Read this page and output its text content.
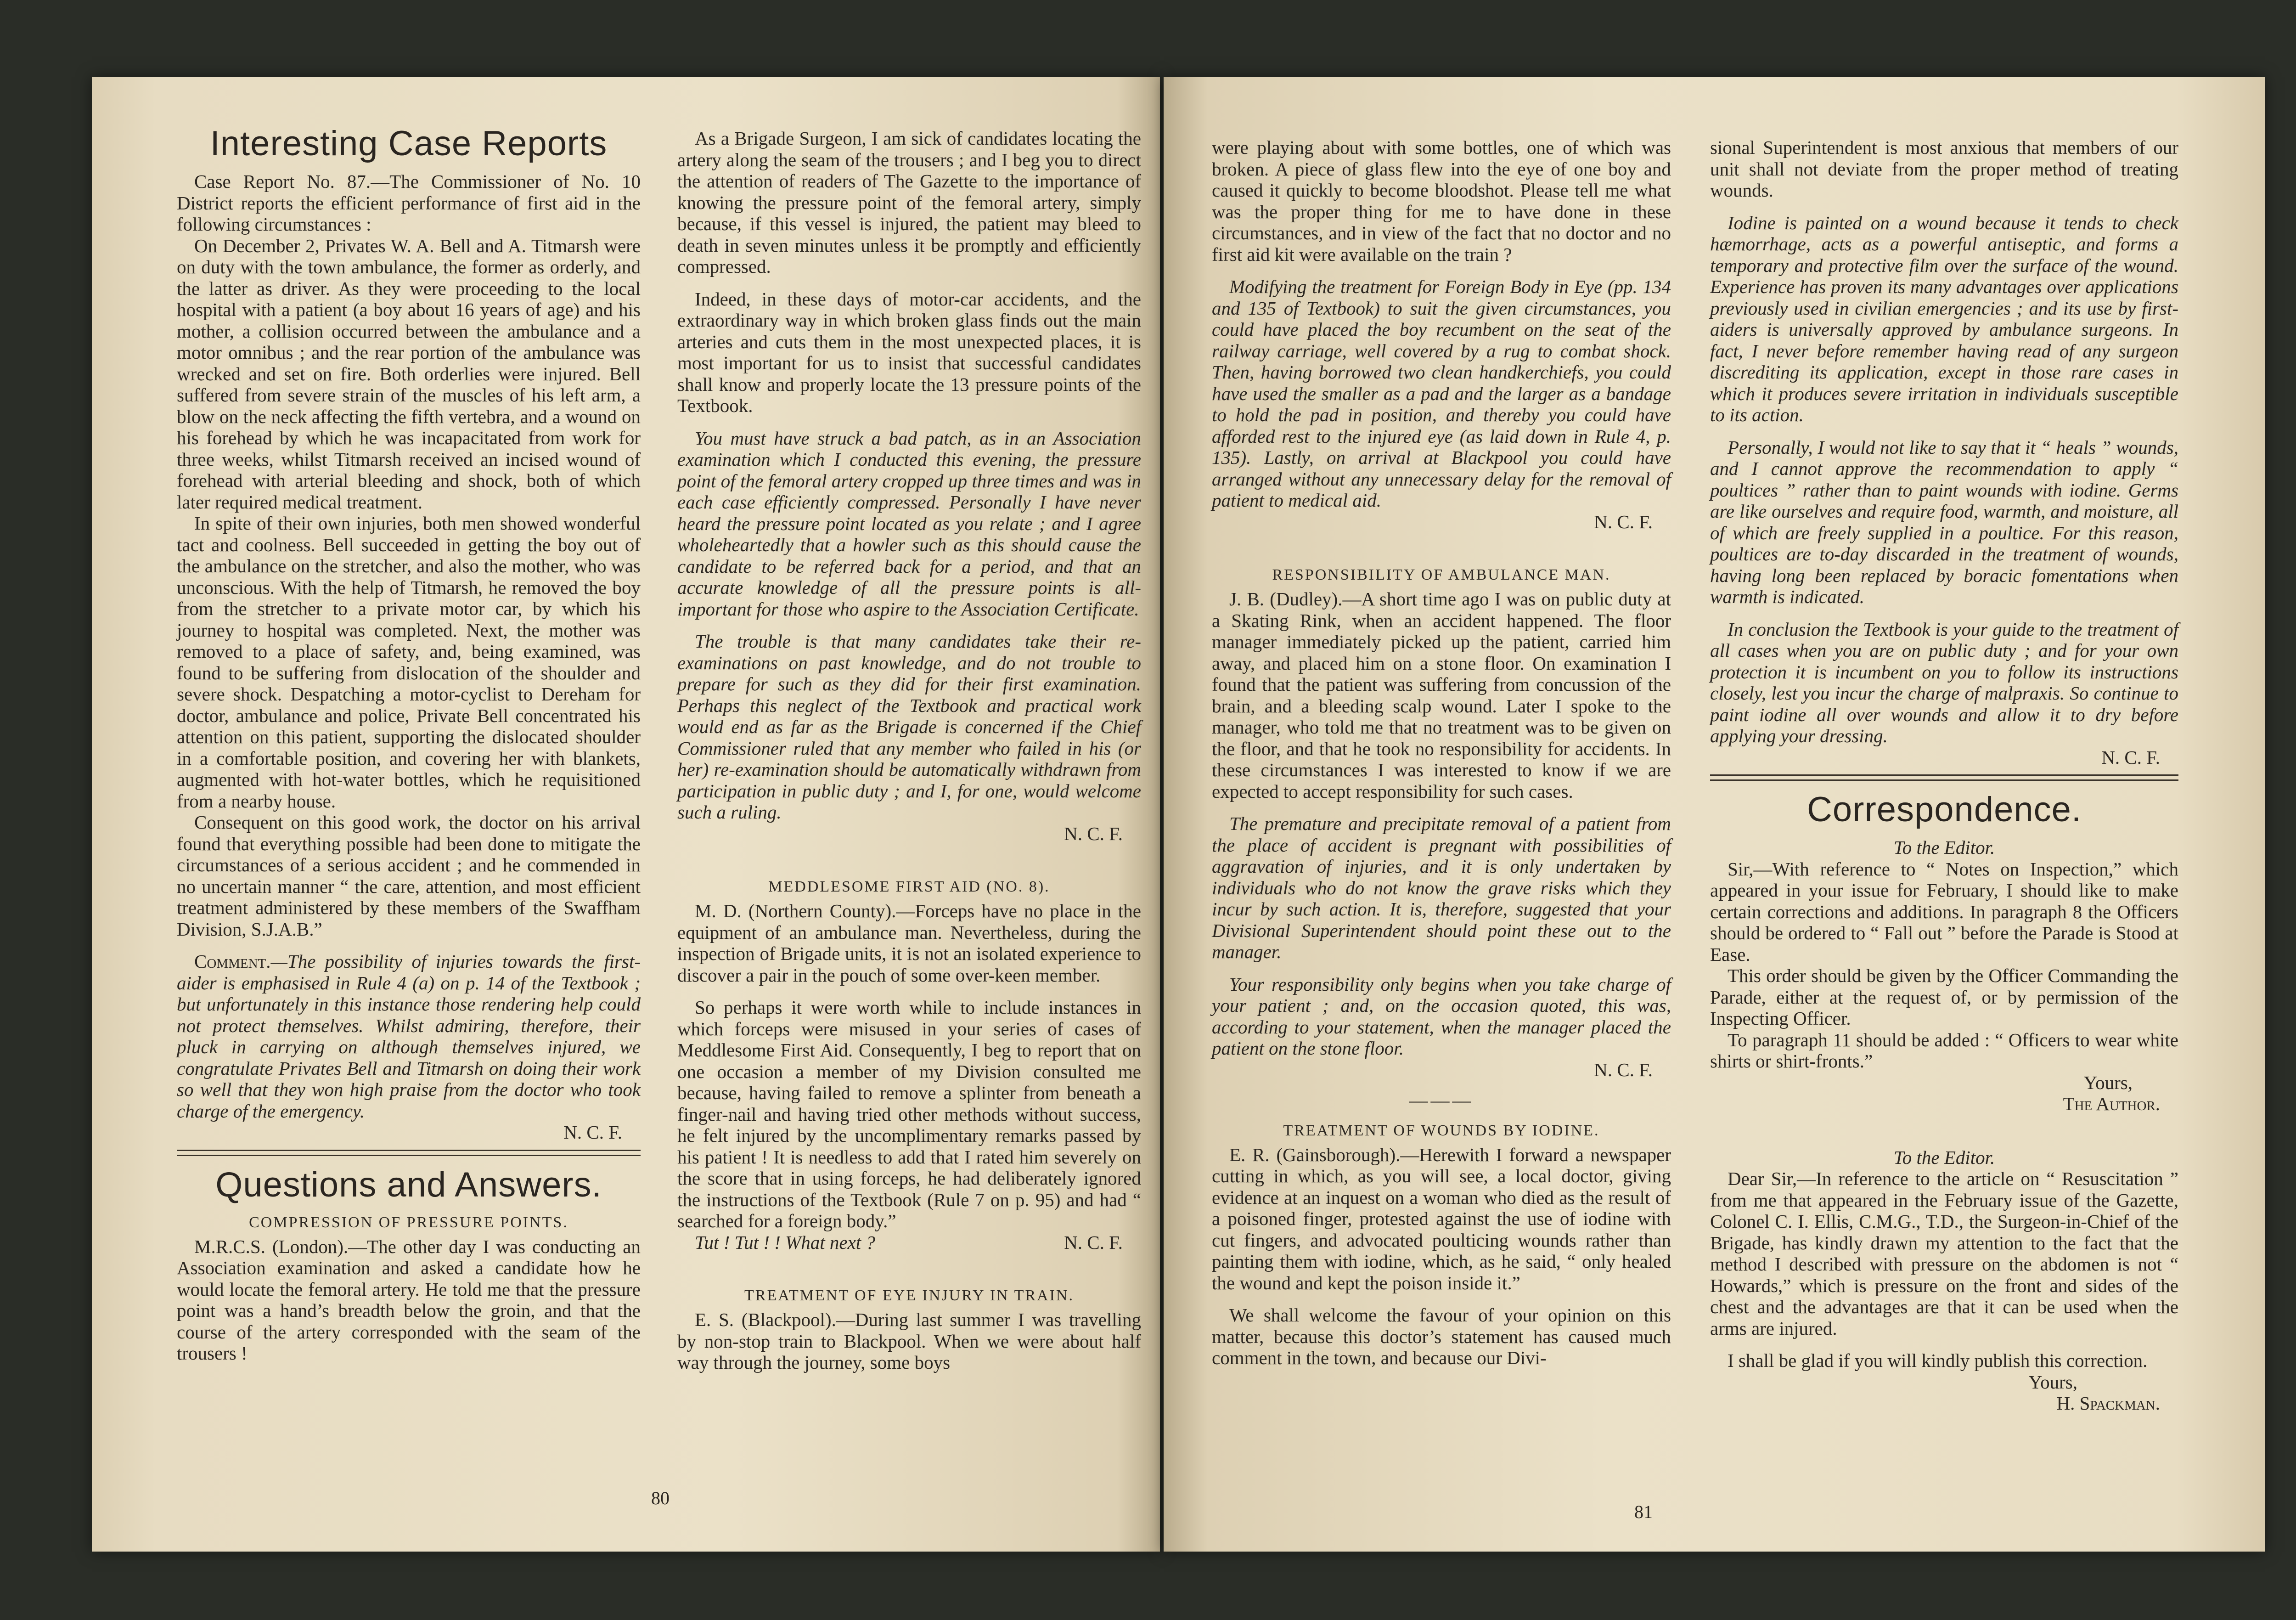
Interesting Case Reports

Case Report No. 87.—The Commissioner of No. 10 District reports the efficient performance of first aid in the following circumstances :

On December 2, Privates W. A. Bell and A. Titmarsh were on duty with the town ambulance, the former as orderly, and the latter as driver. As they were proceeding to the local hospital with a patient (a boy about 16 years of age) and his mother, a collision occurred between the ambulance and a motor omnibus ; and the rear portion of the ambulance was wrecked and set on fire. Both orderlies were injured. Bell suffered from severe strain of the muscles of his left arm, a blow on the neck affecting the fifth vertebra, and a wound on his forehead by which he was incapacitated from work for three weeks, whilst Titmarsh received an incised wound of forehead with arterial bleeding and shock, both of which later required medical treatment.

In spite of their own injuries, both men showed wonderful tact and coolness. Bell succeeded in getting the boy out of the ambulance on the stretcher, and also the mother, who was unconscious. With the help of Titmarsh, he removed the boy from the stretcher to a private motor car, by which his journey to hospital was completed. Next, the mother was removed to a place of safety, and, being examined, was found to be suffering from dislocation of the shoulder and severe shock. Despatching a motor-cyclist to Dereham for doctor, ambulance and police, Private Bell concentrated his attention on this patient, supporting the dislocated shoulder in a comfortable position, and covering her with blankets, augmented with hot-water bottles, which he requisitioned from a nearby house.

Consequent on this good work, the doctor on his arrival found that everything possible had been done to mitigate the circumstances of a serious accident ; and he commended in no uncertain manner “ the care, attention, and most efficient treatment administered by these members of the Swaffham Division, S.J.A.B.”

Comment.—The possibility of injuries towards the first-aider is emphasised in Rule 4 (a) on p. 14 of the Textbook ; but unfortunately in this instance those rendering help could not protect themselves. Whilst admiring, therefore, their pluck in carrying on although themselves injured, we congratulate Privates Bell and Titmarsh on doing their work so well that they won high praise from the doctor who took charge of the emergency.

N. C. F.
Questions and Answers.
COMPRESSION OF PRESSURE POINTS.

M.R.C.S. (London).—The other day I was conducting an Association examination and asked a candidate how he would locate the femoral artery. He told me that the pressure point was a hand’s breadth below the groin, and that the course of the artery corresponded with the seam of the trousers !

As a Brigade Surgeon, I am sick of candidates locating the artery along the seam of the trousers ; and I beg you to direct the attention of readers of The Gazette to the importance of knowing the pressure point of the femoral artery, simply because, if this vessel is injured, the patient may bleed to death in seven minutes unless it be promptly and efficiently compressed.

Indeed, in these days of motor-car accidents, and the extraordinary way in which broken glass finds out the main arteries and cuts them in the most unexpected places, it is most important for us to insist that successful candidates shall know and properly locate the 13 pressure points of the Textbook.

You must have struck a bad patch, as in an Association examination which I conducted this evening, the pressure point of the femoral artery cropped up three times and was in each case efficiently compressed. Personally I have never heard the pressure point located as you relate ; and I agree wholeheartedly that a howler such as this should cause the candidate to be referred back for a period, and that an accurate knowledge of all the pressure points is all-important for those who aspire to the Association Certificate.

The trouble is that many candidates take their re-examinations on past knowledge, and do not trouble to prepare for such as they did for their first examination. Perhaps this neglect of the Textbook and practical work would end as far as the Brigade is concerned if the Chief Commissioner ruled that any member who failed in his (or her) re-examination should be automatically withdrawn from participation in public duty ; and I, for one, would welcome such a ruling.

N. C. F.
MEDDLESOME FIRST AID (NO. 8).

M. D. (Northern County).—Forceps have no place in the equipment of an ambulance man. Nevertheless, during the inspection of Brigade units, it is not an isolated experience to discover a pair in the pouch of some over-keen member.

So perhaps it were worth while to include instances in which forceps were misused in your series of cases of Meddlesome First Aid. Consequently, I beg to report that on one occasion a member of my Division consulted me because, having failed to remove a splinter from beneath a finger-nail and having tried other methods without success, he felt injured by the uncomplimentary remarks passed by his patient ! It is needless to add that I rated him severely on the score that in using forceps, he had deliberately ignored the instructions of the Textbook (Rule 7 on p. 95) and had “ searched for a foreign body.”

Tut ! Tut ! ! What next ?	N. C. F.

TREATMENT OF EYE INJURY IN TRAIN.

E. S. (Blackpool).—During last summer I was travelling by non-stop train to Blackpool. When we were about half way through the journey, some boys

80

were playing about with some bottles, one of which was broken. A piece of glass flew into the eye of one boy and caused it quickly to become bloodshot. Please tell me what was the proper thing for me to have done in these circumstances, and in view of the fact that no doctor and no first aid kit were available on the train ?

Modifying the treatment for Foreign Body in Eye (pp. 134 and 135 of Textbook) to suit the given circumstances, you could have placed the boy recumbent on the seat of the railway carriage, well covered by a rug to combat shock. Then, having borrowed two clean handkerchiefs, you could have used the smaller as a pad and the larger as a bandage to hold the pad in position, and thereby you could have afforded rest to the injured eye (as laid down in Rule 4, p. 135). Lastly, on arrival at Blackpool you could have arranged without any unnecessary delay for the removal of patient to medical aid.

N. C. F.
RESPONSIBILITY OF AMBULANCE MAN.

J. B. (Dudley).—A short time ago I was on public duty at a Skating Rink, when an accident happened. The floor manager immediately picked up the patient, carried him away, and placed him on a stone floor. On examination I found that the patient was suffering from concussion of the brain, and a bleeding scalp wound. Later I spoke to the manager, who told me that no treatment was to be given on the floor, and that he took no responsibility for accidents. In these circumstances I was interested to know if we are expected to accept responsibility for such cases.

The premature and precipitate removal of a patient from the place of accident is pregnant with possibilities of aggravation of injuries, and it is only undertaken by individuals who do not know the grave risks which they incur by such action. It is, therefore, suggested that your Divisional Superintendent should point these out to the manager.

Your responsibility only begins when you take charge of your patient ; and, on the occasion quoted, this was, according to your statement, when the manager placed the patient on the stone floor.

N. C. F.
———
TREATMENT OF WOUNDS BY IODINE.

E. R. (Gainsborough).—Herewith I forward a newspaper cutting in which, as you will see, a local doctor, giving evidence at an inquest on a woman who died as the result of a poisoned finger, protested against the use of iodine with cut fingers, and advocated poulticing wounds rather than painting them with iodine, which, as he said, “ only healed the wound and kept the poison inside it.”

We shall welcome the favour of your opinion on this matter, because this doctor’s statement has caused much comment in the town, and because our Divi-

sional Superintendent is most anxious that members of our unit shall not deviate from the proper method of treating wounds.

Iodine is painted on a wound because it tends to check hæmorrhage, acts as a powerful antiseptic, and forms a temporary and protective film over the surface of the wound. Experience has proven its many advantages over applications previously used in civilian emergencies ; and its use by first-aiders is universally approved by ambulance surgeons. In fact, I never before remember having read of any surgeon discrediting its application, except in those rare cases in which it produces severe irritation in individuals susceptible to its action.

Personally, I would not like to say that it “ heals ” wounds, and I cannot approve the recommendation to apply “ poultices ” rather than to paint wounds with iodine. Germs are like ourselves and require food, warmth, and moisture, all of which are freely supplied in a poultice. For this reason, poultices are to-day discarded in the treatment of wounds, having long been replaced by boracic fomentations when warmth is indicated.

In conclusion the Textbook is your guide to the treatment of all cases when you are on public duty ; and for your own protection it is incumbent on you to follow its instructions closely, lest you incur the charge of malpraxis. So continue to paint iodine all over wounds and allow it to dry before applying your dressing.

N. C. F.
Correspondence.

To the Editor.

Sir,—With reference to “ Notes on Inspection,” which appeared in your issue for February, I should like to make certain corrections and additions. In paragraph 8 the Officers should be ordered to “ Fall out ” before the Parade is Stood at Ease.

This order should be given by the Officer Commanding the Parade, either at the request of, or by permission of the Inspecting Officer.

To paragraph 11 should be added : “ Officers to wear white shirts or shirt-fronts.”

Yours,

The Author.

To the Editor.

Dear Sir,—In reference to the article on “ Resuscitation ” from me that appeared in the February issue of the Gazette, Colonel C. I. Ellis, C.M.G., T.D., the Surgeon-in-Chief of the Brigade, has kindly drawn my attention to the fact that the method I described with pressure on the abdomen is not “ Howards,” which is pressure on the front and sides of the chest and the advantages are that it can be used when the arms are injured.

I shall be glad if you will kindly publish this correction.

Yours,

H. Spackman.

81
